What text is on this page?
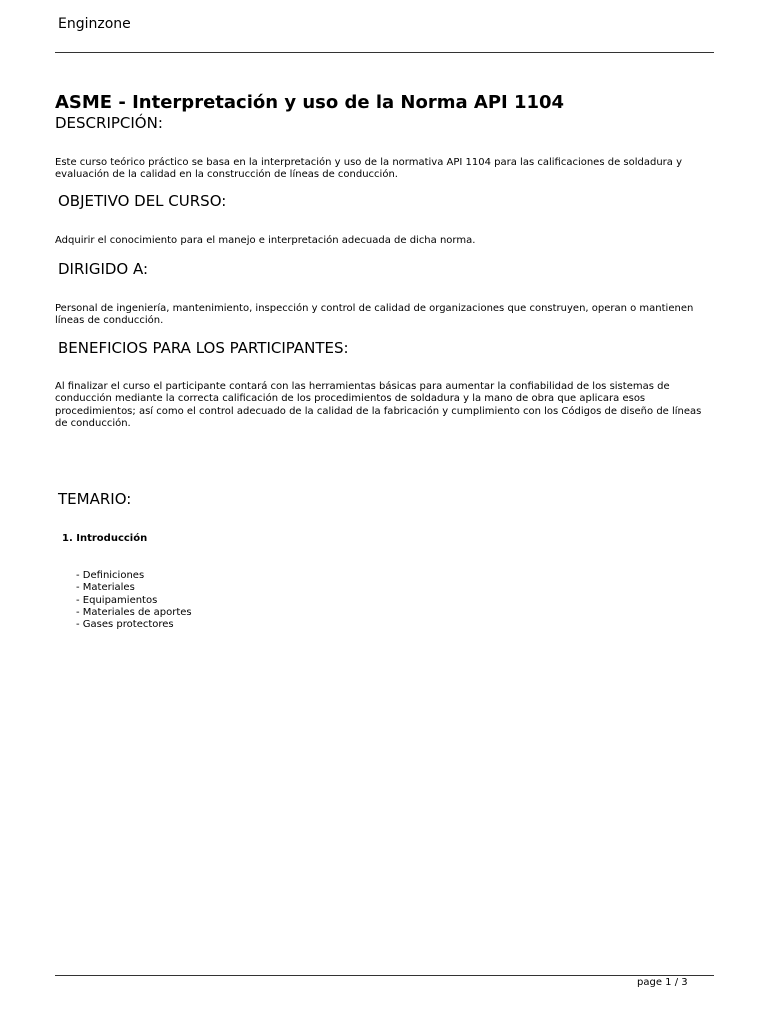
Enginzone
ASME - Interpretación y uso de la Norma API 1104
DESCRIPCIÓN:
Este curso teórico práctico se basa en la interpretación y uso de la normativa API 1104 para las calificaciones de soldadura y evaluación de la calidad en la construcción de líneas de conducción.
OBJETIVO DEL CURSO:
Adquirir el conocimiento para el manejo e interpretación adecuada de dicha norma.
DIRIGIDO A:
Personal de ingeniería, mantenimiento, inspección y control de calidad de organizaciones que construyen, operan o mantienen líneas de conducción.
BENEFICIOS PARA LOS PARTICIPANTES:
Al finalizar el curso el participante contará con las herramientas básicas para aumentar la confiabilidad de los sistemas de conducción mediante la correcta calificación de los procedimientos de soldadura y la mano de obra que aplicara esos procedimientos; así como el control adecuado de la calidad de la fabricación y cumplimiento con los Códigos de diseño de líneas de conducción.
TEMARIO:
1. Introducción
- Definiciones
- Materiales
- Equipamientos
- Materiales de aportes
- Gases protectores
page 1 / 3
